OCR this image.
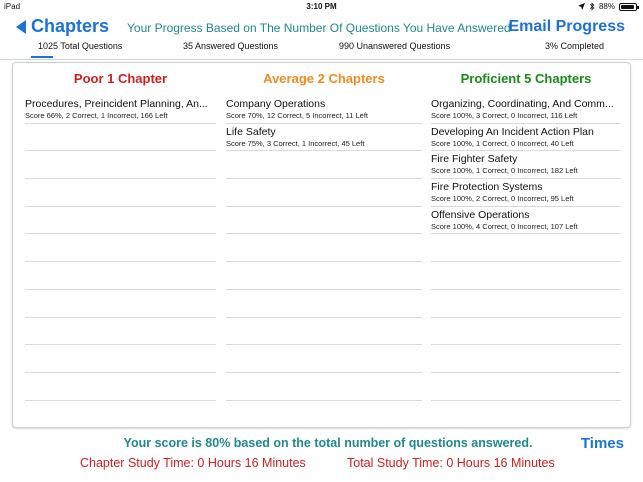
iPad	3:10 PM	88%
Chapters Your Progress Based on The Number Of Questions You Have Answered
Email Progress
1025 Total Questions	35 Answered Questions	990 Unanswered Questions	3% Completed
Poor 1 Chapter
Procedures, Preincident Planning, An...
Score 66%, 2 Correct, 1 Incorrect, 166 Left
Average 2 Chapters
Company Operations
Score 70%, 12 Correct, 5 Incorrect, 11 Left
Life Safety
Score 75%, 3 Correct, 1 Incorrect, 45 Left
Proficient 5 Chapters
Organizing, Coordinating, And Comm...
Score 100%, 3 Correct, 0 Incorrect, 116 Left
Developing An Incident Action Plan
Score 100%, 1 Correct, 0 Incorrect, 40 Left
Fire Fighter Safety
Score 100%, 1 Correct, 0 Incorrect, 182 Left
Fire Protection Systems
Score 100%, 2 Correct, 0 Incorrect, 95 Left
Offensive Operations
Score 100%, 4 Correct, 0 Incorrect, 107 Left
Your score is 80% based on the total number of questions answered.	Times
Chapter Study Time: 0 Hours 16 Minutes	Total Study Time: 0 Hours 16 Minutes
